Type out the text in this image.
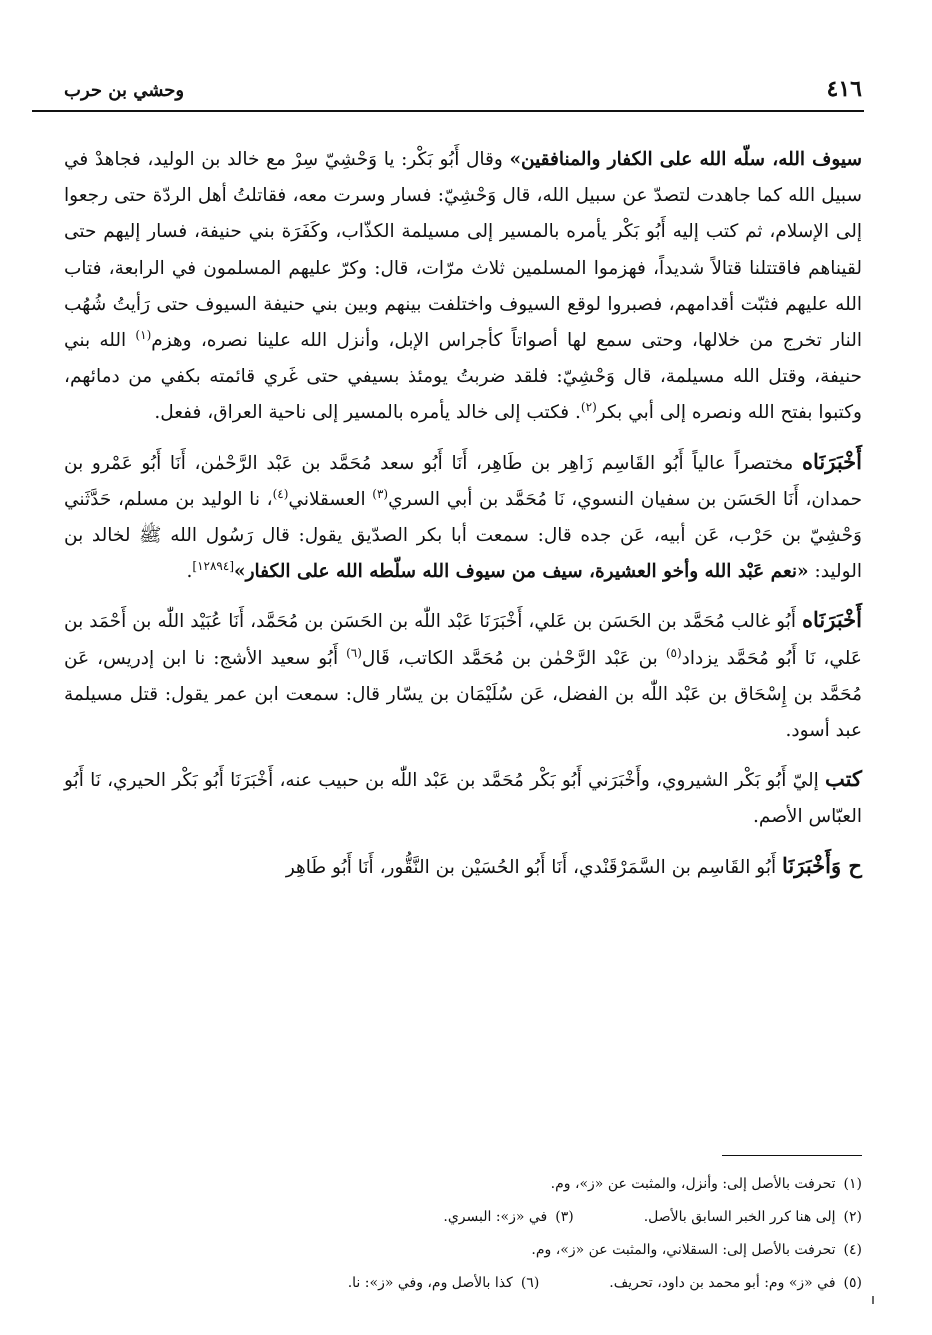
٤١٦
وحشي بن حرب

سيوف الله، سلّه الله على الكفار والمنافقين» وقال أَبُو بَكْر: يا وَحْشِيّ سِرْ مع خالد بن الوليد، فجاهدْ في سبيل الله كما جاهدت لتصدّ عن سبيل الله، قال وَحْشِيّ: فسار وسرت معه، فقاتلتُ أهل الردّة حتى رجعوا إلى الإسلام، ثم كتب إليه أَبُو بَكْر يأمره بالمسير إلى مسيلمة الكذّاب، وكَفَرَة بني حنيفة، فسار إليهم حتى لقيناهم فاقتتلنا قتالاً شديداً، فهزموا المسلمين ثلاث مرّات، قال: وكرّ عليهم المسلمون في الرابعة، فتاب الله عليهم فثبّت أقدامهم، فصبروا لوقع السيوف واختلفت بينهم وبين بني حنيفة السيوف حتى رَأيتُ شُهُب النار تخرج من خلالها، وحتى سمع لها أصواتاً كأجراس الإبل، وأنزل الله علينا نصره، وهزم$^{(١)}$ الله بني حنيفة، وقتل الله مسيلمة، قال وَحْشِيّ: فلقد ضربتُ يومئذ بسيفي حتى غَري قائمته بكفي من دمائهم، وكتبوا بفتح الله ونصره إلى أبي بكر$^{(٢)}$. فكتب إلى خالد يأمره بالمسير إلى ناحية العراق، ففعل.

أَخْبَرَنَاه مختصراً عالياً أَبُو القَاسِم زَاهِر بن طَاهِر، أَنَا أَبُو سعد مُحَمَّد بن عَبْد الرَّحْمٰن، أَنَا أَبُو عَمْرو بن حمدان، أَنَا الحَسَن بن سفيان النسوي، نَا مُحَمَّد بن أبي السري$^{(٣)}$ العسقلاني$^{(٤)}$، نا الوليد بن مسلم، حَدَّثَني وَحْشِيّ بن حَرْب، عَن أبيه، عَن جده قال: سمعت أبا بكر الصدّيق يقول: قال رَسُول الله ﷺ لخالد بن الوليد: «نعم عَبْد الله وأخو العشيرة، سيف من سيوف الله سلّطه الله على الكفار»[١٢٨٩٤].

أَخْبَرَنَاه أَبُو غالب مُحَمَّد بن الحَسَن بن عَلي، أَخْبَرَنَا عَبْد اللّٰه بن الحَسَن بن مُحَمَّد، أَنَا عُبَيْد اللّٰه بن أَحْمَد بن عَلي، نَا أَبُو مُحَمَّد يزداد$^{(٥)}$ بن عَبْد الرَّحْمٰن بن مُحَمَّد الكاتب، قَال$^{(٦)}$ أَبُو سعيد الأشج: نا ابن إدريس، عَن مُحَمَّد بن إِسْحَاق بن عَبْد اللّٰه بن الفضل، عَن سُلَيْمَان بن يسّار قال: سمعت ابن عمر يقول: قتل مسيلمة عبد أسود.

كتب إليّ أَبُو بَكْر الشيروي، وأَخْبَرَني أَبُو بَكْر مُحَمَّد بن عَبْد اللّٰه بن حبيب عنه، أَخْبَرَنَا أَبُو بَكْر الحيري، نَا أَبُو العبّاس الأصم.

ح وَأَخْبَرَنَا أَبُو القَاسِم بن السَّمَرْقَنْدي، أَنَا أَبُو الحُسَيْن بن النَّقُّور، أَنَا أَبُو طَاهِر

(١)تحرفت بالأصل إلى: وأنزل، والمثبت عن «ز»، وم.
(٢)إلى هنا كرر الخبر السابق بالأصل.
(٣)في «ز»: البسري.
(٤)تحرفت بالأصل إلى: السقلاني، والمثبت عن «ز»، وم.
(٥)في «ز» وم: أبو محمد بن داود، تحريف.
(٦)كذا بالأصل وم، وفي «ز»: نا.
